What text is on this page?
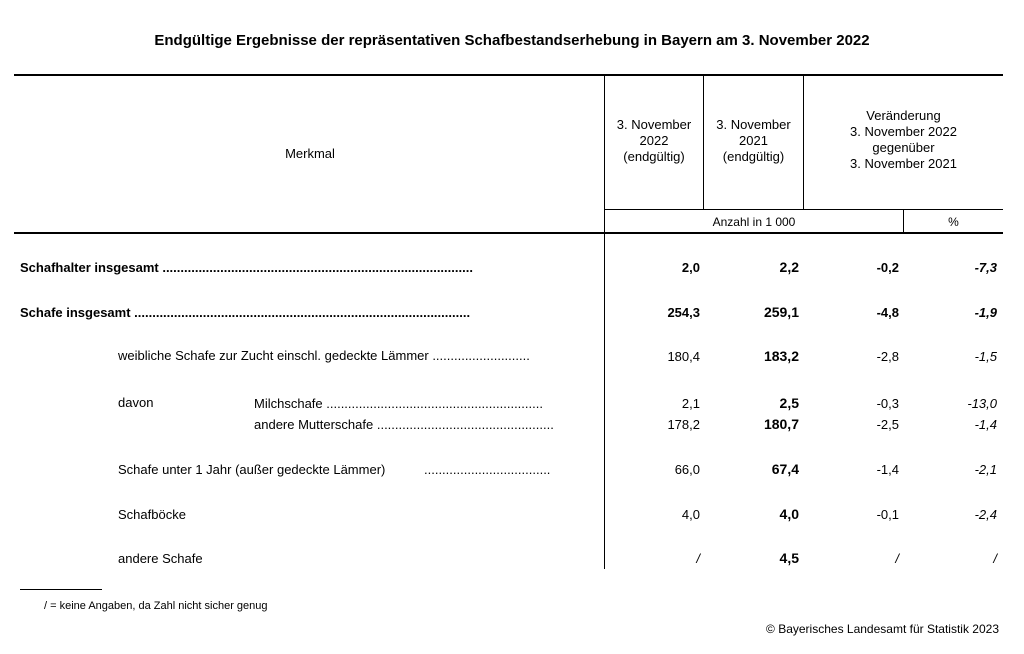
Endgültige Ergebnisse der repräsentativen Schafbestandserhebung in Bayern am 3. November 2022
Merkmal
3. November
2022
(endgültig)
3. November
2021
(endgültig)
Veränderung
3. November 2022
gegenüber
3. November 2021
Anzahl in 1 000	%
Schafhalter insgesamt ......................................................................................	2,0	2,2	-0,2	-7,3
Schafe insgesamt .............................................................................................	254,3	259,1	-4,8	-1,9
weibliche Schafe zur Zucht einschl. gedeckte Lämmer ...........................	180,4	183,2	-2,8	-1,5
davon	Milchschafe ............................................................	2,1	2,5	-0,3	-13,0
andere Mutterschafe .................................................	178,2	180,7	-2,5	-1,4
Schafe unter 1 Jahr (außer gedeckte Lämmer)	...................................	66,0	67,4	-1,4	-2,1
Schafböcke	4,0	4,0	-0,1	-2,4
andere Schafe	/	4,5	/	/
/ = keine Angaben, da Zahl nicht sicher genug
© Bayerisches Landesamt für Statistik 2023
